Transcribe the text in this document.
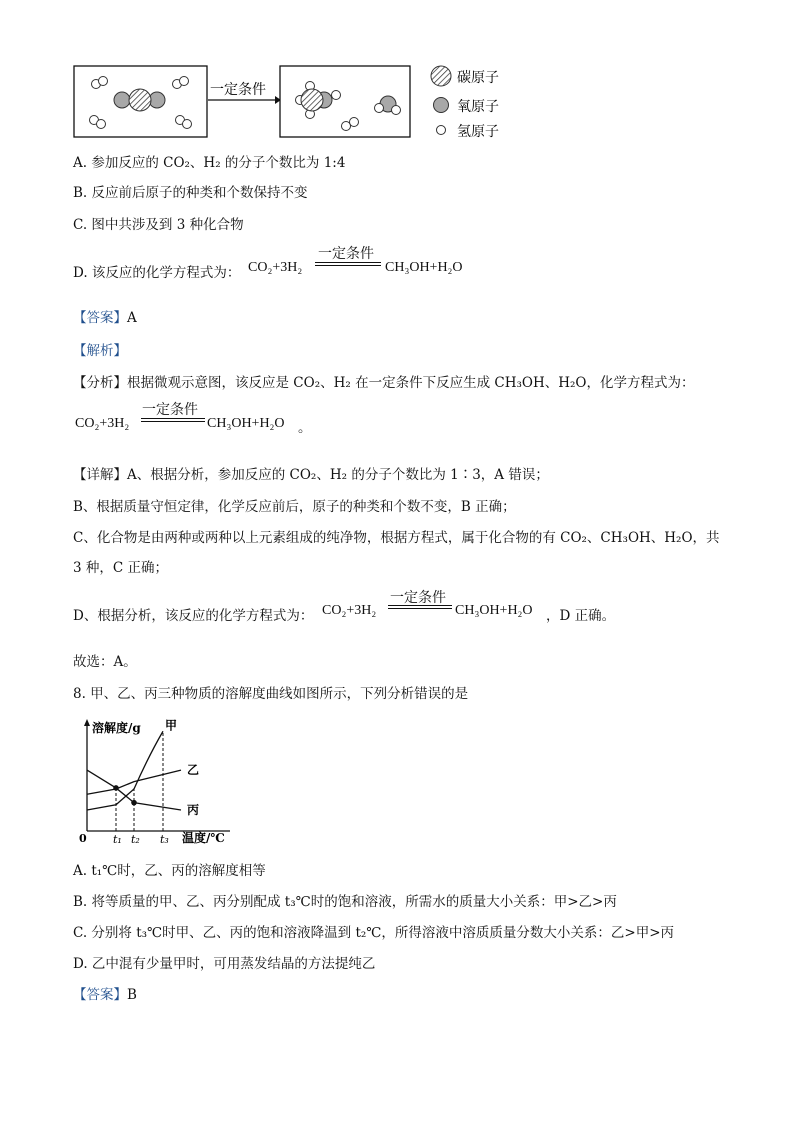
一定条件
碳原子
氧原子
氢原子
A. 参加反应的 CO₂、H₂ 的分子个数比为 1:4
B. 反应前后原子的种类和个数保持不变
C. 图中共涉及到 3 种化合物
D. 该反应的化学方程式为： CO₂+3H₂
一定条件
CH₃OH+H₂O
【答案】A
【解析】
【分析】根据微观示意图，该反应是 CO₂、H₂ 在一定条件下反应生成 CH₃OH、H₂O，化学方程式为：
CO₂+3H₂
一定条件
CH₃OH+H₂O 。
【详解】A、根据分析，参加反应的 CO₂、H₂ 的分子个数比为 1∶3，A 错误；
B、根据质量守恒定律，化学反应前后，原子的种类和个数不变，B 正确；
C、化合物是由两种或两种以上元素组成的纯净物，根据方程式，属于化合物的有 CO₂、CH₃OH、H₂O，共
3 种，C 正确；
D、根据分析，该反应的化学方程式为： CO₂+3H₂
一定条件
CH₃OH+H₂O ，D 正确。
故选：A。
8. 甲、乙、丙三种物质的溶解度曲线如图所示，下列分析错误的是
溶解度/g
0	温度/℃
t₁ t₂ t₃
甲
乙
丙
A. t₁℃时，乙、丙的溶解度相等
B. 将等质量的甲、乙、丙分别配成 t₃℃时的饱和溶液，所需水的质量大小关系：甲>乙>丙
C. 分别将 t₃℃时甲、乙、丙的饱和溶液降温到 t₂℃，所得溶液中溶质质量分数大小关系：乙>甲>丙
D. 乙中混有少量甲时，可用蒸发结晶的方法提纯乙
【答案】B
